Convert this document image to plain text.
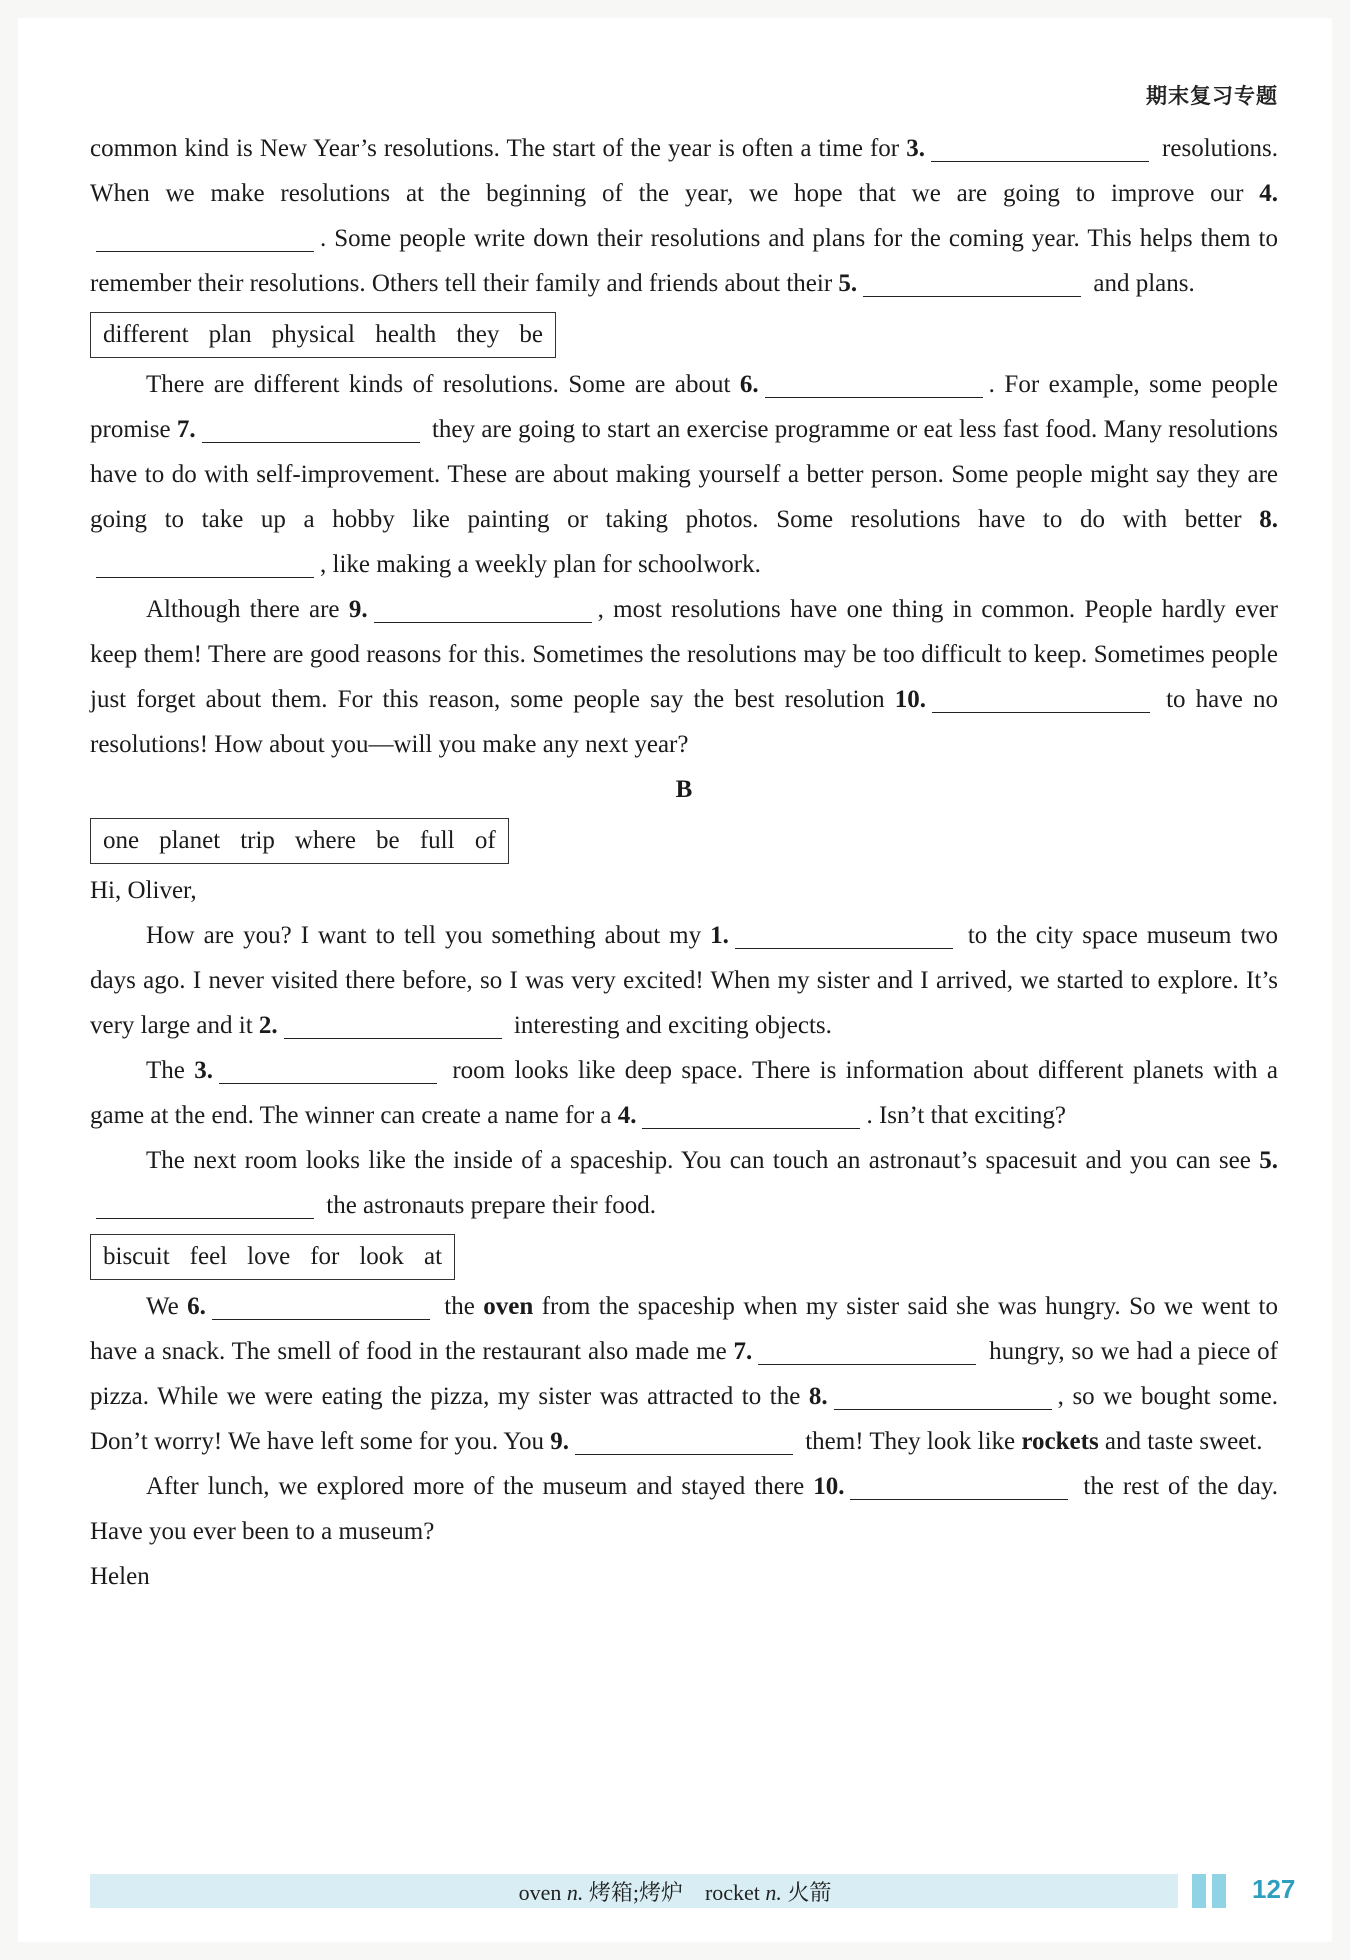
期末复习专题

common kind is New Year’s resolutions. The start of the year is often a time for 3.	resolutions. When we make resolutions at the beginning of the year, we hope that we are going to improve our 4.. Some people write down their resolutions and plans for the coming year. This helps them to remember their resolutions. Others tell their family and friends about their 5.	and plans.

different plan physical health they be

There are different kinds of resolutions. Some are about 6.	. For example, some people promise 7.	they are going to start an exercise programme or eat less fast food. Many resolutions have to do with self-improvement. These are about making yourself a better person. Some people might say they are going to take up a hobby like painting or taking photos. Some resolutions have to do with better 8., like making a weekly plan for schoolwork.

Although there are 9.	, most resolutions have one thing in common. People hardly ever keep them! There are good reasons for this. Sometimes the resolutions may be too difficult to keep. Sometimes people just forget about them. For this reason, some people say the best resolution 10.	to have no resolutions! How about you—will you make any next year?

B
one planet trip where be full of

Hi, Oliver,

How are you? I want to tell you something about my 1.	to the city space museum two days ago. I never visited there before, so I was very excited! When my sister and I arrived, we started to explore. It’s very large and it 2.	interesting and exciting objects.

The 3.	room looks like deep space. There is information about different planets with a game at the end. The winner can create a name for a 4.	. Isn’t that exciting?

The next room looks like the inside of a spaceship. You can touch an astronaut’s spacesuit and you can see 5. the astronauts prepare their food.

biscuit feel love for look at

We 6.	the oven from the spaceship when my sister said she was hungry. So we went to have a snack. The smell of food in the restaurant also made me 7.	hungry, so we had a piece of pizza. While we were eating the pizza, my sister was attracted to the 8.	, so we bought some. Don’t worry! We have left some for you. You 9.	them! They look like rockets and taste sweet.

After lunch, we explored more of the museum and stayed there 10.	the rest of the day. Have you ever been to a museum?

Helen

oven n. 烤箱;烤炉 rocket n. 火箭	127
